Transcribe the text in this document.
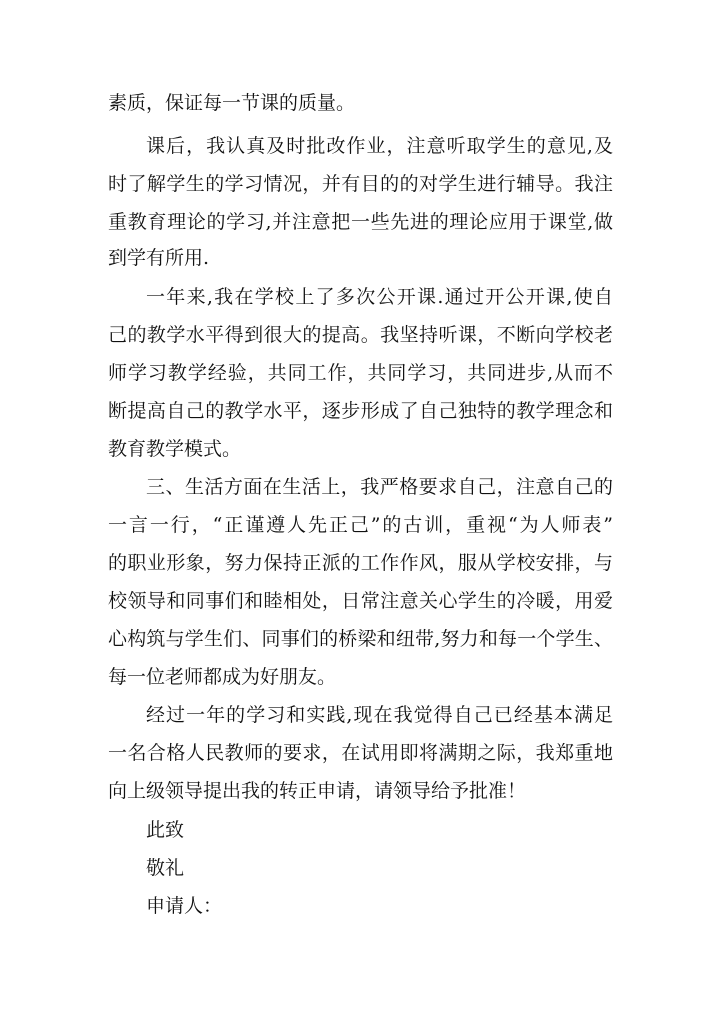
素质，保证每一节课的质量。
课后，我认真及时批改作业，注意听取学生的意见,及
时了解学生的学习情况，并有目的的对学生进行辅导。我注
重教育理论的学习,并注意把一些先进的理论应用于课堂,做
到学有所用.
一年来,我在学校上了多次公开课.通过开公开课,使自
己的教学水平得到很大的提高。我坚持听课，不断向学校老
师学习教学经验，共同工作，共同学习，共同进步,从而不
断提高自己的教学水平，逐步形成了自己独特的教学理念和
教育教学模式。
三、生活方面在生活上，我严格要求自己，注意自己的
一言一行，“正谨遵人先正己”的古训，重视“为人师表”
的职业形象，努力保持正派的工作作风，服从学校安排，与
校领导和同事们和睦相处，日常注意关心学生的冷暖，用爱
心构筑与学生们、同事们的桥梁和纽带,努力和每一个学生、
每一位老师都成为好朋友。
经过一年的学习和实践,现在我觉得自己已经基本满足
一名合格人民教师的要求，在试用即将满期之际，我郑重地
向上级领导提出我的转正申请，请领导给予批准！
此致
敬礼
申请人：
